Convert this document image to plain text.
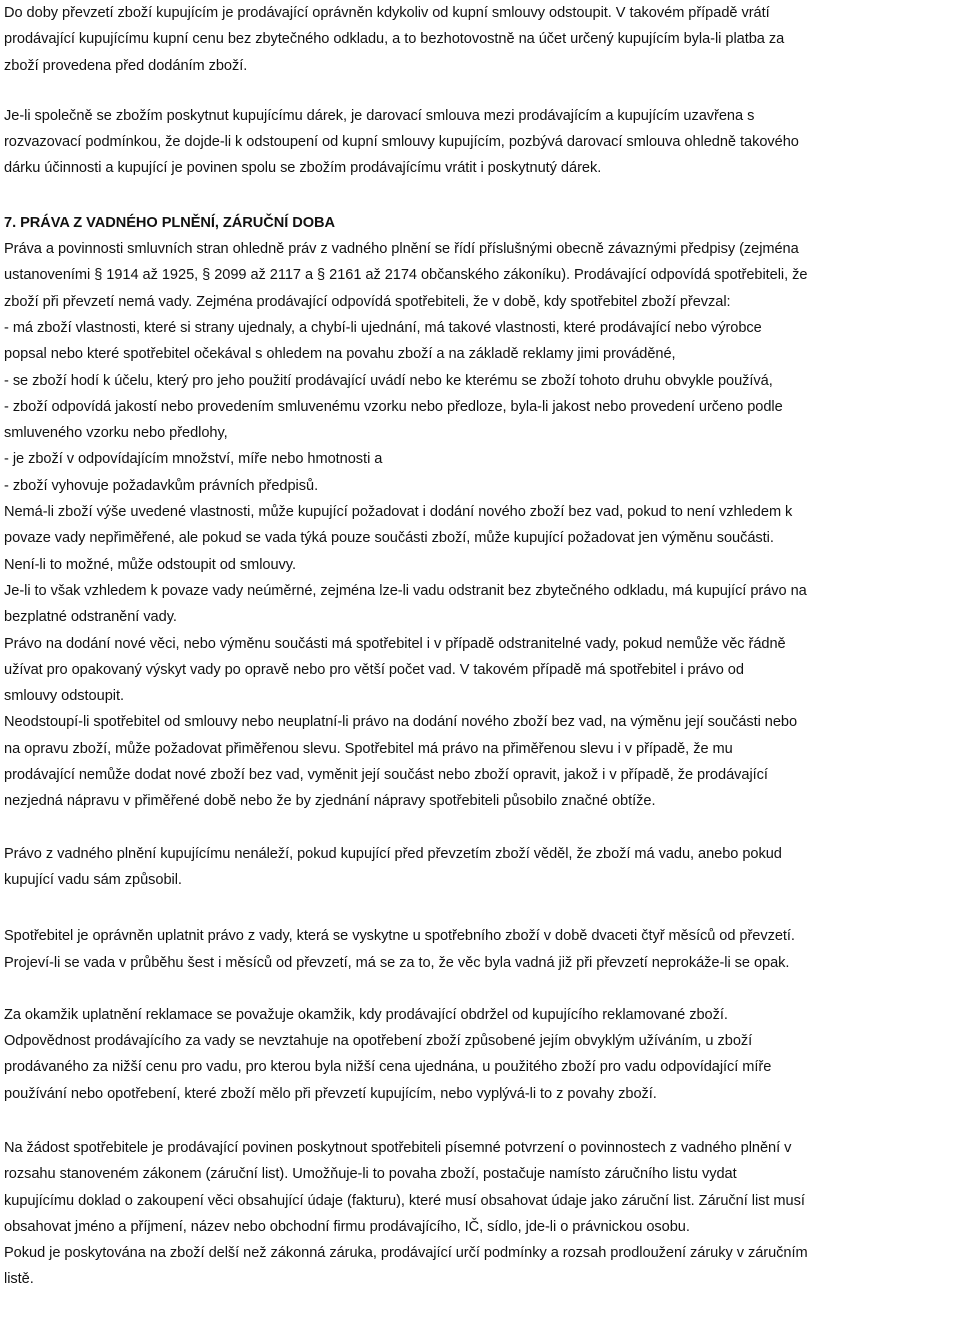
Do doby převzetí zboží kupujícím je prodávající oprávněn kdykoliv od kupní smlouvy odstoupit. V takovém případě vrátí
prodávající kupujícímu kupní cenu bez zbytečného odkladu, a to bezhotovostně na účet určený kupujícím byla-li platba za
zboží provedena před dodáním zboží.
Je-li společně se zbožím poskytnut kupujícímu dárek, je darovací smlouva mezi prodávajícím a kupujícím uzavřena s
rozvazovací podmínkou, že dojde-li k odstoupení od kupní smlouvy kupujícím, pozbývá darovací smlouva ohledně takového
dárku účinnosti a kupující je povinen spolu se zbožím prodávajícímu vrátit i poskytnutý dárek.
7. PRÁVA Z VADNÉHO PLNĚNÍ, ZÁRUČNÍ DOBA
Práva a povinnosti smluvních stran ohledně práv z vadného plnění se řídí příslušnými obecně závaznými předpisy (zejména
ustanoveními § 1914 až 1925, § 2099 až 2117 a § 2161 až 2174 občanského zákoníku). Prodávající odpovídá spotřebiteli, že
zboží při převzetí nemá vady. Zejména prodávající odpovídá spotřebiteli, že v době, kdy spotřebitel zboží převzal:
- má zboží vlastnosti, které si strany ujednaly, a chybí-li ujednání, má takové vlastnosti, které prodávající nebo výrobce
popsal nebo které spotřebitel očekával s ohledem na povahu zboží a na základě reklamy jimi prováděné,
- se zboží hodí k účelu, který pro jeho použití prodávající uvádí nebo ke kterému se zboží tohoto druhu obvykle používá,
- zboží odpovídá jakostí nebo provedením smluvenému vzorku nebo předloze, byla-li jakost nebo provedení určeno podle
smluveného vzorku nebo předlohy,
- je zboží v odpovídajícím množství, míře nebo hmotnosti a
- zboží vyhovuje požadavkům právních předpisů.
Nemá-li zboží výše uvedené vlastnosti, může kupující požadovat i dodání nového zboží bez vad, pokud to není vzhledem k
povaze vady nepřiměřené, ale pokud se vada týká pouze součásti zboží, může kupující požadovat jen výměnu součásti.
Není-li to možné, může odstoupit od smlouvy.
Je-li to však vzhledem k povaze vady neúměrné, zejména lze-li vadu odstranit bez zbytečného odkladu, má kupující právo na
bezplatné odstranění vady.
Právo na dodání nové věci, nebo výměnu součásti má spotřebitel i v případě odstranitelné vady, pokud nemůže věc řádně
užívat pro opakovaný výskyt vady po opravě nebo pro větší počet vad. V takovém případě má spotřebitel i právo od
smlouvy odstoupit.
Neodstoupí-li spotřebitel od smlouvy nebo neuplatní-li právo na dodání nového zboží bez vad, na výměnu její součásti nebo
na opravu zboží, může požadovat přiměřenou slevu. Spotřebitel má právo na přiměřenou slevu i v případě, že mu
prodávající nemůže dodat nové zboží bez vad, vyměnit její součást nebo zboží opravit, jakož i v případě, že prodávající
nezjedná nápravu v přiměřené době nebo že by zjednání nápravy spotřebiteli působilo značné obtíže.
Právo z vadného plnění kupujícímu nenáleží, pokud kupující před převzetím zboží věděl, že zboží má vadu, anebo pokud
kupující vadu sám způsobil.
Spotřebitel je oprávněn uplatnit právo z vady, která se vyskytne u spotřebního zboží v době dvaceti čtyř měsíců od převzetí.
Projeví-li se vada v průběhu šest i měsíců od převzetí, má se za to, že věc byla vadná již při převzetí neprokáže-li se opak.
Za okamžik uplatnění reklamace se považuje okamžik, kdy prodávající obdržel od kupujícího reklamované zboží.
Odpovědnost prodávajícího za vady se nevztahuje na opotřebení zboží způsobené jejím obvyklým užíváním, u zboží
prodávaného za nižší cenu pro vadu, pro kterou byla nižší cena ujednána, u použitého zboží pro vadu odpovídající míře
používání nebo opotřebení, které zboží mělo při převzetí kupujícím, nebo vyplývá-li to z povahy zboží.
Na žádost spotřebitele je prodávající povinen poskytnout spotřebiteli písemné potvrzení o povinnostech z vadného plnění v
rozsahu stanoveném zákonem (záruční list). Umožňuje-li to povaha zboží, postačuje namísto záručního listu vydat
kupujícímu doklad o zakoupení věci obsahující údaje (fakturu), které musí obsahovat údaje jako záruční list. Záruční list musí
obsahovat jméno a příjmení, název nebo obchodní firmu prodávajícího, IČ, sídlo, jde-li o právnickou osobu.
Pokud je poskytována na zboží delší než zákonná záruka, prodávající určí podmínky a rozsah prodloužení záruky v záručním
listě.
